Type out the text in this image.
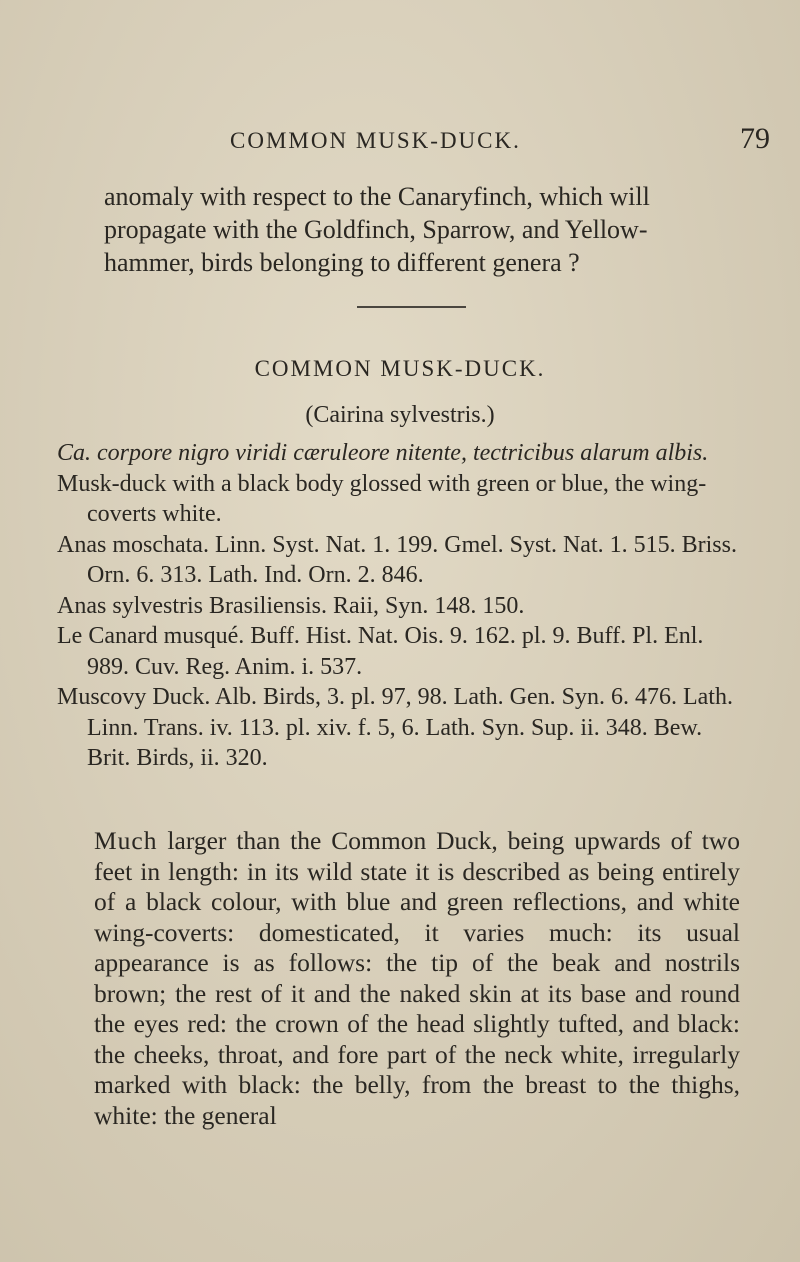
COMMON MUSK-DUCK.	79
anomaly with respect to the Canaryfinch, which will propagate with the Goldfinch, Sparrow, and Yellow-hammer, birds belonging to different genera ?
COMMON MUSK-DUCK.
(Cairina sylvestris.)

Ca. corpore nigro viridi cæruleore nitente, tectricibus alarum albis.

Musk-duck with a black body glossed with green or blue, the wing-coverts white.

Anas moschata. Linn. Syst. Nat. 1. 199. Gmel. Syst. Nat. 1. 515. Briss. Orn. 6. 313. Lath. Ind. Orn. 2. 846.

Anas sylvestris Brasiliensis. Raii, Syn. 148. 150.

Le Canard musqué. Buff. Hist. Nat. Ois. 9. 162. pl. 9. Buff. Pl. Enl. 989. Cuv. Reg. Anim. i. 537.

Muscovy Duck. Alb. Birds, 3. pl. 97, 98. Lath. Gen. Syn. 6. 476. Lath. Linn. Trans. iv. 113. pl. xiv. f. 5, 6. Lath. Syn. Sup. ii. 348. Bew. Brit. Birds, ii. 320.

Much larger than the Common Duck, being upwards of two feet in length: in its wild state it is described as being entirely of a black colour, with blue and green reflections, and white wing-coverts: domesticated, it varies much: its usual appearance is as follows: the tip of the beak and nostrils brown; the rest of it and the naked skin at its base and round the eyes red: the crown of the head slightly tufted, and black: the cheeks, throat, and fore part of the neck white, irregularly marked with black: the belly, from the breast to the thighs, white: the general
